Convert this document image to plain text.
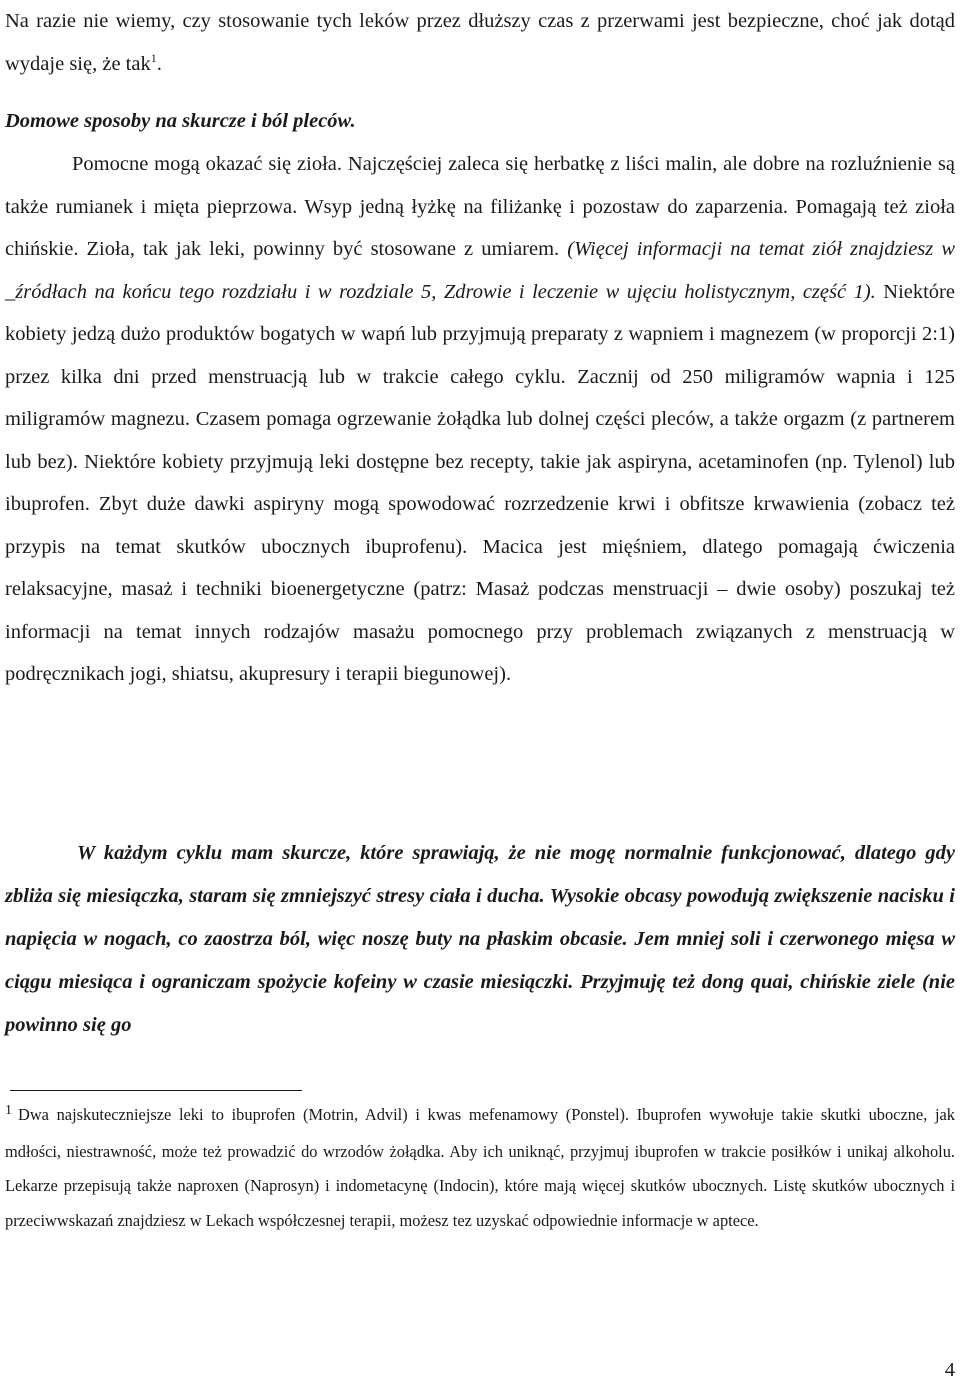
Na razie nie wiemy, czy stosowanie tych leków przez dłuższy czas z przerwami jest bezpieczne, choć jak dotąd wydaje się, że tak$^1$.

Domowe sposoby na skurcze i ból pleców.

Pomocne mogą okazać się zioła. Najczęściej zaleca się herbatkę z liści malin, ale dobre na rozluźnienie są także rumianek i mięta pieprzowa. Wsyp jedną łyżkę na filiżankę i pozostaw do zaparzenia. Pomagają też zioła chińskie. Zioła, tak jak leki, powinny być stosowane z umiarem. (Więcej informacji na temat ziół znajdziesz w _źródłach na końcu tego rozdziału i w rozdziale 5, Zdrowie i leczenie w ujęciu holistycznym, część 1). Niektóre kobiety jedzą dużo produktów bogatych w wapń lub przyjmują preparaty z wapniem i magnezem (w proporcji 2:1) przez kilka dni przed menstruacją lub w trakcie całego cyklu. Zacznij od 250 miligramów wapnia i 125 miligramów magnezu. Czasem pomaga ogrzewanie żołądka lub dolnej części pleców, a także orgazm (z partnerem lub bez). Niektóre kobiety przyjmują leki dostępne bez recepty, takie jak aspiryna, acetaminofen (np. Tylenol) lub ibuprofen. Zbyt duże dawki aspiryny mogą spowodować rozrzedzenie krwi i obfitsze krwawienia (zobacz też przypis na temat skutków ubocznych ibuprofenu). Macica jest mięśniem, dlatego pomagają ćwiczenia relaksacyjne, masaż i techniki bioenergetyczne (patrz: Masaż podczas menstruacji – dwie osoby) poszukaj też informacji na temat innych rodzajów masażu pomocnego przy problemach związanych z menstruacją w podręcznikach jogi, shiatsu, akupresury i terapii biegunowej).

W każdym cyklu mam skurcze, które sprawiają, że nie mogę normalnie funkcjonować, dlatego gdy zbliża się miesiączka, staram się zmniejszyć stresy ciała i ducha. Wysokie obcasy powodują zwiększenie nacisku i napięcia w nogach, co zaostrza ból, więc noszę buty na płaskim obcasie. Jem mniej soli i czerwonego mięsa w ciągu miesiąca i ograniczam spożycie kofeiny w czasie miesiączki. Przyjmuję też dong quai, chińskie ziele (nie powinno się go

1 Dwa najskuteczniejsze leki to ibuprofen (Motrin, Advil) i kwas mefenamowy (Ponstel). Ibuprofen wywołuje takie skutki uboczne, jak mdłości, niestrawność, może też prowadzić do wrzodów żołądka. Aby ich uniknąć, przyjmuj ibuprofen w trakcie posiłków i unikaj alkoholu. Lekarze przepisują także naproxen (Naprosyn) i indometacynę (Indocin), które mają więcej skutków ubocznych. Listę skutków ubocznych i przeciwwskazań znajdziesz w Lekach współczesnej terapii, możesz tez uzyskać odpowiednie informacje w aptece.

4
